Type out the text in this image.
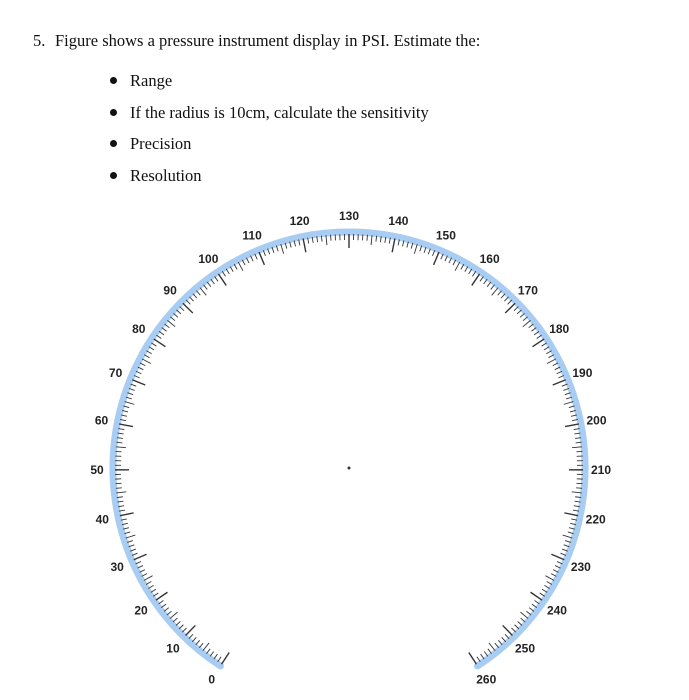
5. Figure shows a pressure instrument display in PSI. Estimate the:
Range
If the radius is 10cm, calculate the sensitivity
Precision
Resolution
0
10
20
30
40
50
60
70
80
90
100
110
120 130 140
150
160
170
180
190
200
210
220
230
240
250
260
